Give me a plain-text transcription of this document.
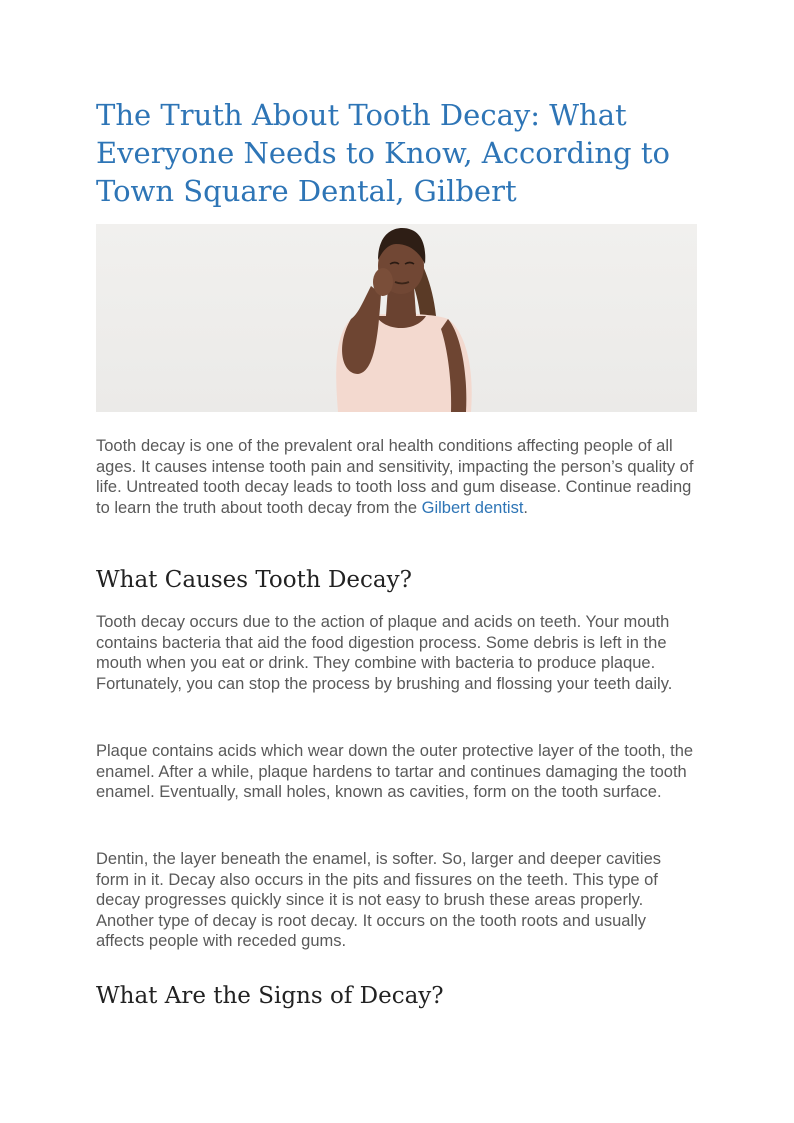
The Truth About Tooth Decay: What Everyone Needs to Know, According to Town Square Dental, Gilbert

Tooth decay is one of the prevalent oral health conditions affecting people of all ages. It causes intense tooth pain and sensitivity, impacting the person’s quality of life. Untreated tooth decay leads to tooth loss and gum disease. Continue reading to learn the truth about tooth decay from the Gilbert dentist.

What Causes Tooth Decay?

Tooth decay occurs due to the action of plaque and acids on teeth. Your mouth contains bacteria that aid the food digestion process. Some debris is left in the mouth when you eat or drink. They combine with bacteria to produce plaque. Fortunately, you can stop the process by brushing and flossing your teeth daily.

Plaque contains acids which wear down the outer protective layer of the tooth, the enamel. After a while, plaque hardens to tartar and continues damaging the tooth enamel. Eventually, small holes, known as cavities, form on the tooth surface.

Dentin, the layer beneath the enamel, is softer. So, larger and deeper cavities form in it. Decay also occurs in the pits and fissures on the teeth. This type of decay progresses quickly since it is not easy to brush these areas properly. Another type of decay is root decay. It occurs on the tooth roots and usually affects people with receded gums.

What Are the Signs of Decay?
